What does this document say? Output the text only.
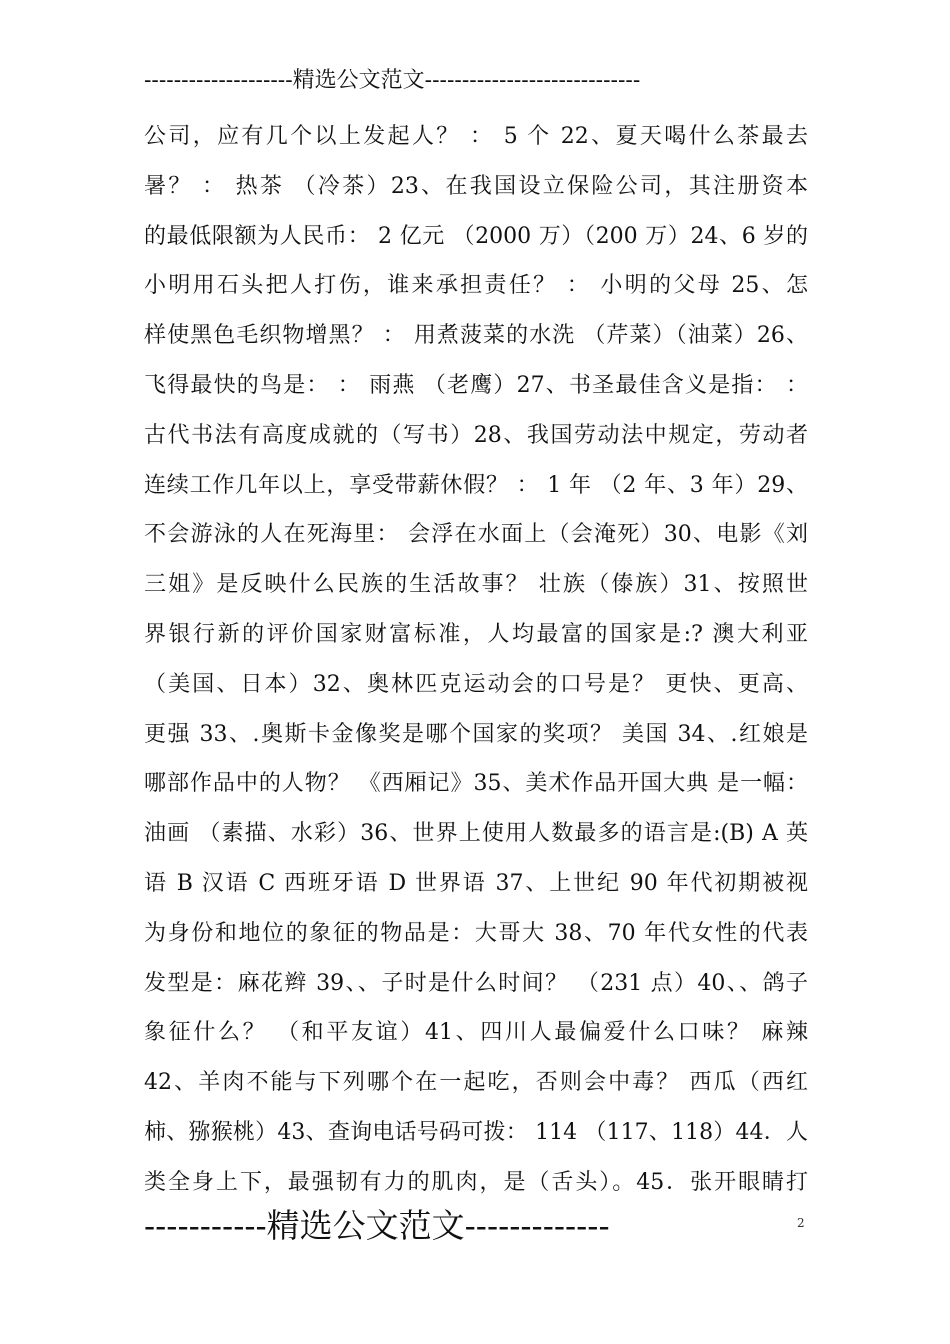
--------------------精选公文范文-----------------------------
公司，应有几个以上发起人？ ： 5 个 22、夏天喝什么茶最去
暑？ ： 热茶 （冷茶）23、在我国设立保险公司，其注册资本
的最低限额为人民币： 2 亿元 （2000 万）（200 万）24、6 岁的
小明用石头把人打伤，谁来承担责任？ ： 小明的父母 25、怎
样使黑色毛织物增黑？ ： 用煮菠菜的水洗 （芹菜）（油菜）26、
飞得最快的鸟是： ： 雨燕 （老鹰）27、书圣最佳含义是指： ：
古代书法有高度成就的（写书）28、我国劳动法中规定，劳动者
连续工作几年以上，享受带薪休假？ ： 1 年 （2 年、3 年）29、
不会游泳的人在死海里： 会浮在水面上（会淹死）30、电影《刘
三姐》是反映什么民族的生活故事？ 壮族（傣族）31、按照世
界银行新的评价国家财富标准，人均最富的国家是:? 澳大利亚
（美国、日本）32、奥林匹克运动会的口号是？ 更快、更高、
更强 33、.奥斯卡金像奖是哪个国家的奖项？ 美国 34、.红娘是
哪部作品中的人物？ 《西厢记》35、美术作品开国大典 是一幅：
油画 （素描、水彩）36、世界上使用人数最多的语言是:(B) A 英
语 B 汉语 C 西班牙语 D 世界语 37、上世纪 90 年代初期被视
为身份和地位的象征的物品是：大哥大 38、70 年代女性的代表
发型是：麻花辫 39、、子时是什么时间？ （231 点）40、、鸽子
象征什么？ （和平友谊）41、四川人最偏爱什么口味？ 麻辣
42、羊肉不能与下列哪个在一起吃，否则会中毒？ 西瓜（西红
柿、猕猴桃）43、查询电话号码可拨： 114 （117、118）44．人
类全身上下，最强韧有力的肌肉，是（舌头）。45．张开眼睛打
-----------精选公文范文-------------	2
